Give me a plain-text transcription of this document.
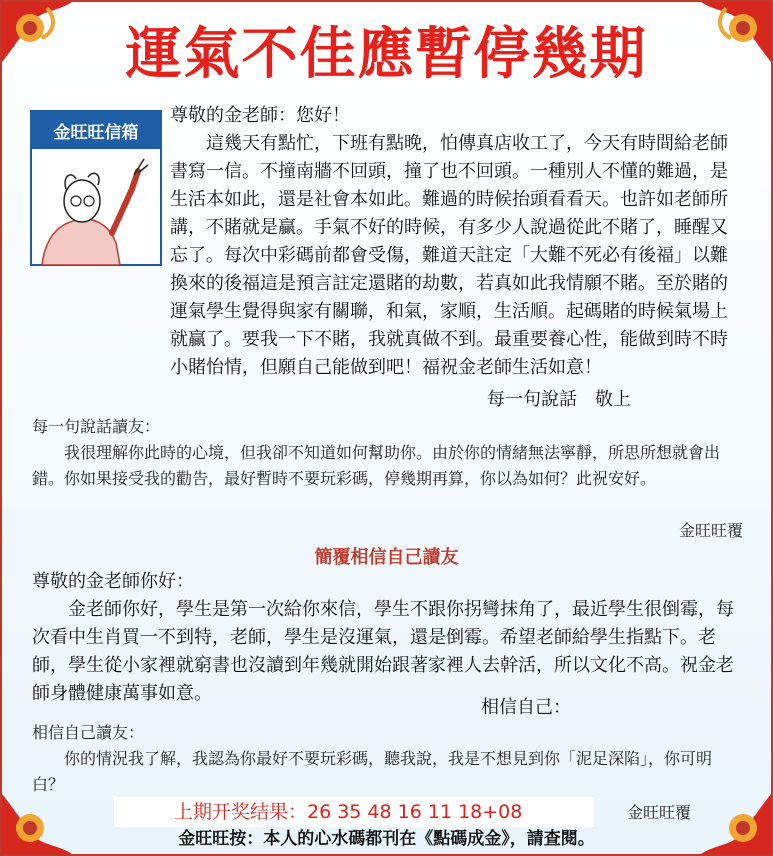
運氣不佳應暫停幾期
金旺旺信箱
尊敬的金老師：您好！
這幾天有點忙，下班有點晚，怕傳真店收工了，今天有時間給老師書寫一信。不撞南牆不回頭，撞了也不回頭。一種別人不懂的難過，是生活本如此，還是社會本如此。難過的時候抬頭看看天。也許如老師所講，不賭就是贏。手氣不好的時候，有多少人說過從此不賭了，睡醒又忘了。每次中彩碼前都會受傷，難道天註定「大難不死必有後福」以難換來的後福這是預言註定還賭的劫數，若真如此我情願不賭。至於賭的運氣學生覺得與家有關聯，和氣，家順，生活順。起碼賭的時候氣場上就贏了。要我一下不賭，我就真做不到。最重要養心性，能做到時不時小賭怡情，但願自己能做到吧！福祝金老師生活如意！
每一句說話　敬上
每一句說話讀友：
我很理解你此時的心境，但我卻不知道如何幫助你。由於你的情緒無法寧靜，所思所想就會出錯。你如果接受我的勸告，最好暫時不要玩彩碼，停幾期再算，你以為如何？此祝安好。
金旺旺覆
簡覆相信自己讀友
尊敬的金老師你好：
金老師你好，學生是第一次給你來信，學生不跟你拐彎抹角了，最近學生很倒霉，每次看中生肖買一不到特，老師，學生是沒運氣，還是倒霉。希望老師給學生指點下。老師，學生從小家裡就窮書也沒讀到年幾就開始跟著家裡人去幹活，所以文化不高。祝金老師身體健康萬事如意。
相信自己：
相信自己讀友：
你的情況我了解，我認為你最好不要玩彩碼，聽我說，我是不想見到你「泥足深陷」，你可明白？
金旺旺覆
上期开奖结果：26 35 48 16 11 18+08
金旺旺按：本人的心水碼都刊在《點碼成金》，請查閱。
